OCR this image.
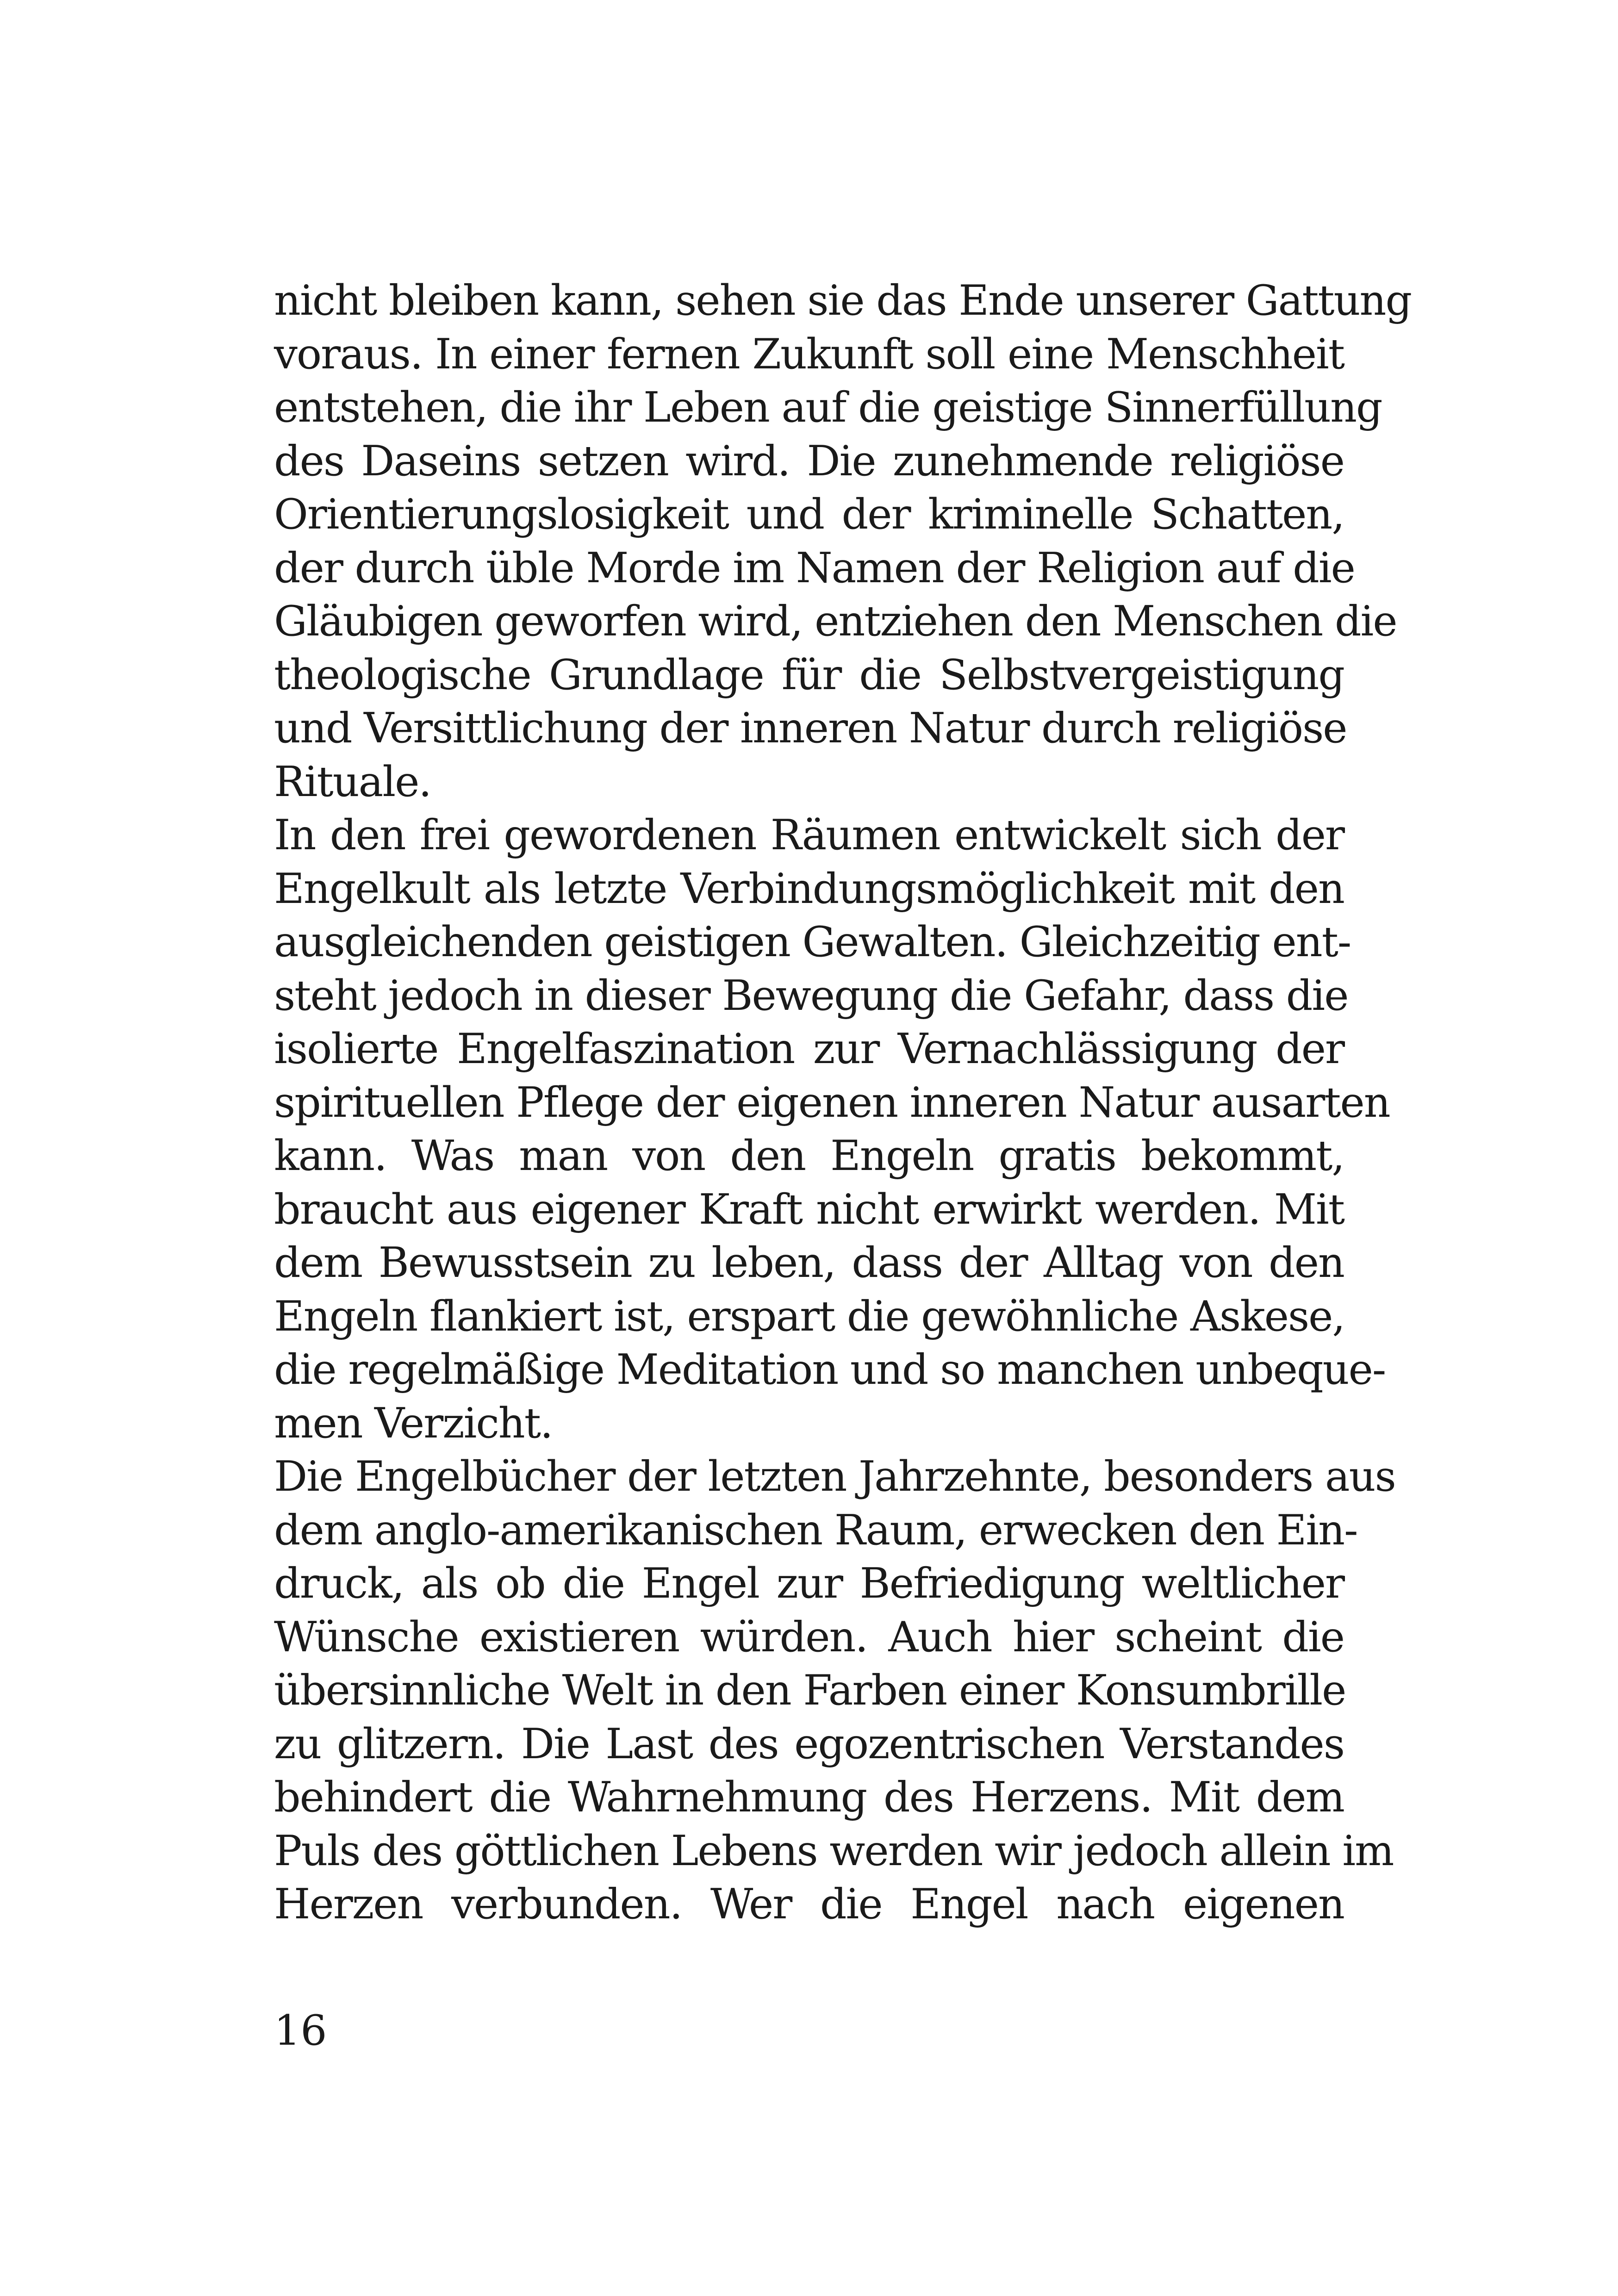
nicht bleiben kann, sehen sie das Ende unserer Gattung
voraus. In einer fernen Zukunft soll eine Menschheit
entstehen, die ihr Leben auf die geistige Sinnerfüllung
des Daseins setzen wird. Die zunehmende religiöse
Orientierungslosigkeit und der kriminelle Schatten,
der durch üble Morde im Namen der Religion auf die
Gläubigen geworfen wird, entziehen den Menschen die
theologische Grundlage für die Selbstvergeistigung
und Versittlichung der inneren Natur durch religiöse
Rituale.
In den frei gewordenen Räumen entwickelt sich der
Engelkult als letzte Verbindungsmöglichkeit mit den
ausgleichenden geistigen Gewalten. Gleichzeitig ent-
steht jedoch in dieser Bewegung die Gefahr, dass die
isolierte Engelfaszination zur Vernachlässigung der
spirituellen Pflege der eigenen inneren Natur ausarten
kann. Was man von den Engeln gratis bekommt,
braucht aus eigener Kraft nicht erwirkt werden. Mit
dem Bewusstsein zu leben, dass der Alltag von den
Engeln flankiert ist, erspart die gewöhnliche Askese,
die regelmäßige Meditation und so manchen unbeque-
men Verzicht.
Die Engelbücher der letzten Jahrzehnte, besonders aus
dem anglo-amerikanischen Raum, erwecken den Ein-
druck, als ob die Engel zur Befriedigung weltlicher
Wünsche existieren würden. Auch hier scheint die
übersinnliche Welt in den Farben einer Konsumbrille
zu glitzern. Die Last des egozentrischen Verstandes
behindert die Wahrnehmung des Herzens. Mit dem
Puls des göttlichen Lebens werden wir jedoch allein im
Herzen verbunden. Wer die Engel nach eigenen
16
